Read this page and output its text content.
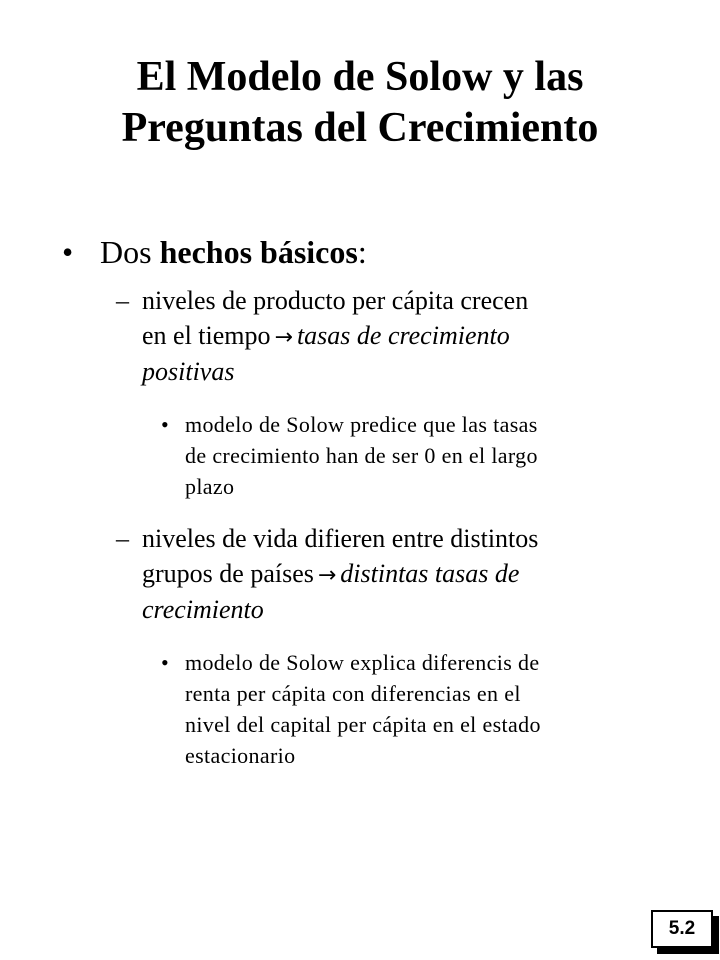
El Modelo de Solow y las
Preguntas del Crecimiento
• Dos hechos básicos:
– niveles de producto per cápita crecen
en el tiempo → tasas de crecimiento
positivas
• modelo de Solow predice que las tasas
de crecimiento han de ser 0 en el largo
plazo
– niveles de vida difieren entre distintos
grupos de países → distintas tasas de
crecimiento
• modelo de Solow explica diferencis de
renta per cápita con diferencias en el
nivel del capital per cápita en el estado
estacionario
5.2
